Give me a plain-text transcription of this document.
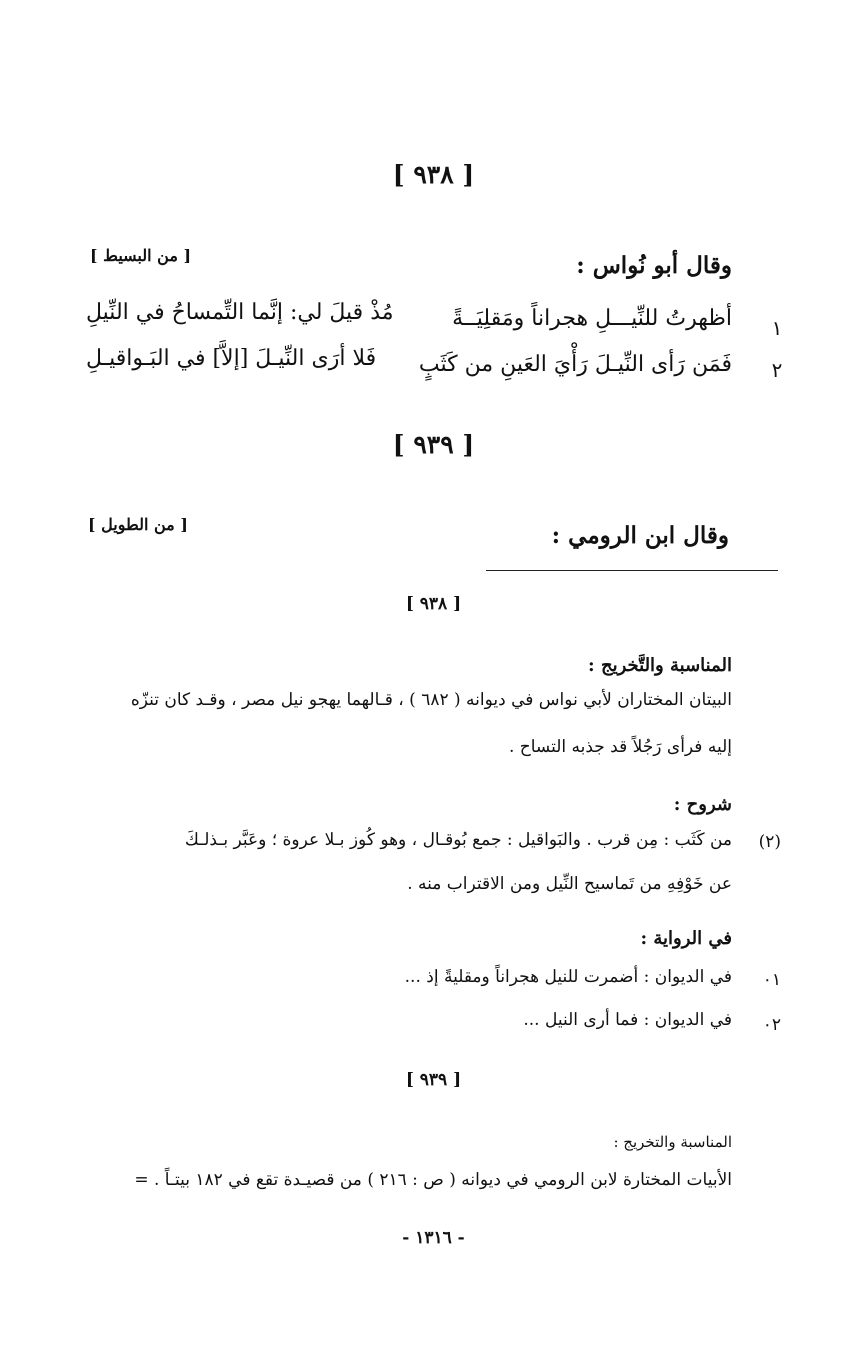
[ ٩٣٨ ]
وقال أبو نُواس :
[ من البسيط ]
١
أظهرتُ للنِّيـــلِ هجراناً ومَقلِيَــةً
مُذْ قيلَ لي: إنَّما التِّمساحُ في النِّيلِ
٢
فَمَن رَأى النِّيـلَ رَأْيَ العَينِ من كَثَبٍ
فَلا أرَى النِّيـلَ [إلاَّ] في البَـواقيـلِ
[ ٩٣٩ ]
وقال ابن الرومي :
[ من الطويل ]
[ ٩٣٨ ]
المناسبة والتَّخريج :
البيتان المختاران لأبي نواس في ديوانه ( ٦٨٢ ) ، قـالهما يهجو نيل مصر ، وقـد كان تنزّه
إليه فرأى رَجُلاً قد جذبه التساح .
شروح :
(٢)
من كَثَب : مِن قرب . والبَواقيل : جمع بُوقـال ، وهو كُوز بـلا عروة ؛ وعَبَّر بـذلـكَ
عن خَوْفِهِ من تَماسيح النِّيل ومن الاقتراب منه .
في الرواية :
٠١
في الديوان : أضمرت للنيل هجراناً ومقليةً إذ ...
٠٢
في الديوان : فما أرى النيل ...
[ ٩٣٩ ]
المناسبة والتخريج :
الأبيات المختارة لابن الرومي في ديوانه ( ص : ٢١٦ ) من قصيـدة تقع في ١٨٢ بيتـاً . =
- ١٣١٦ -
